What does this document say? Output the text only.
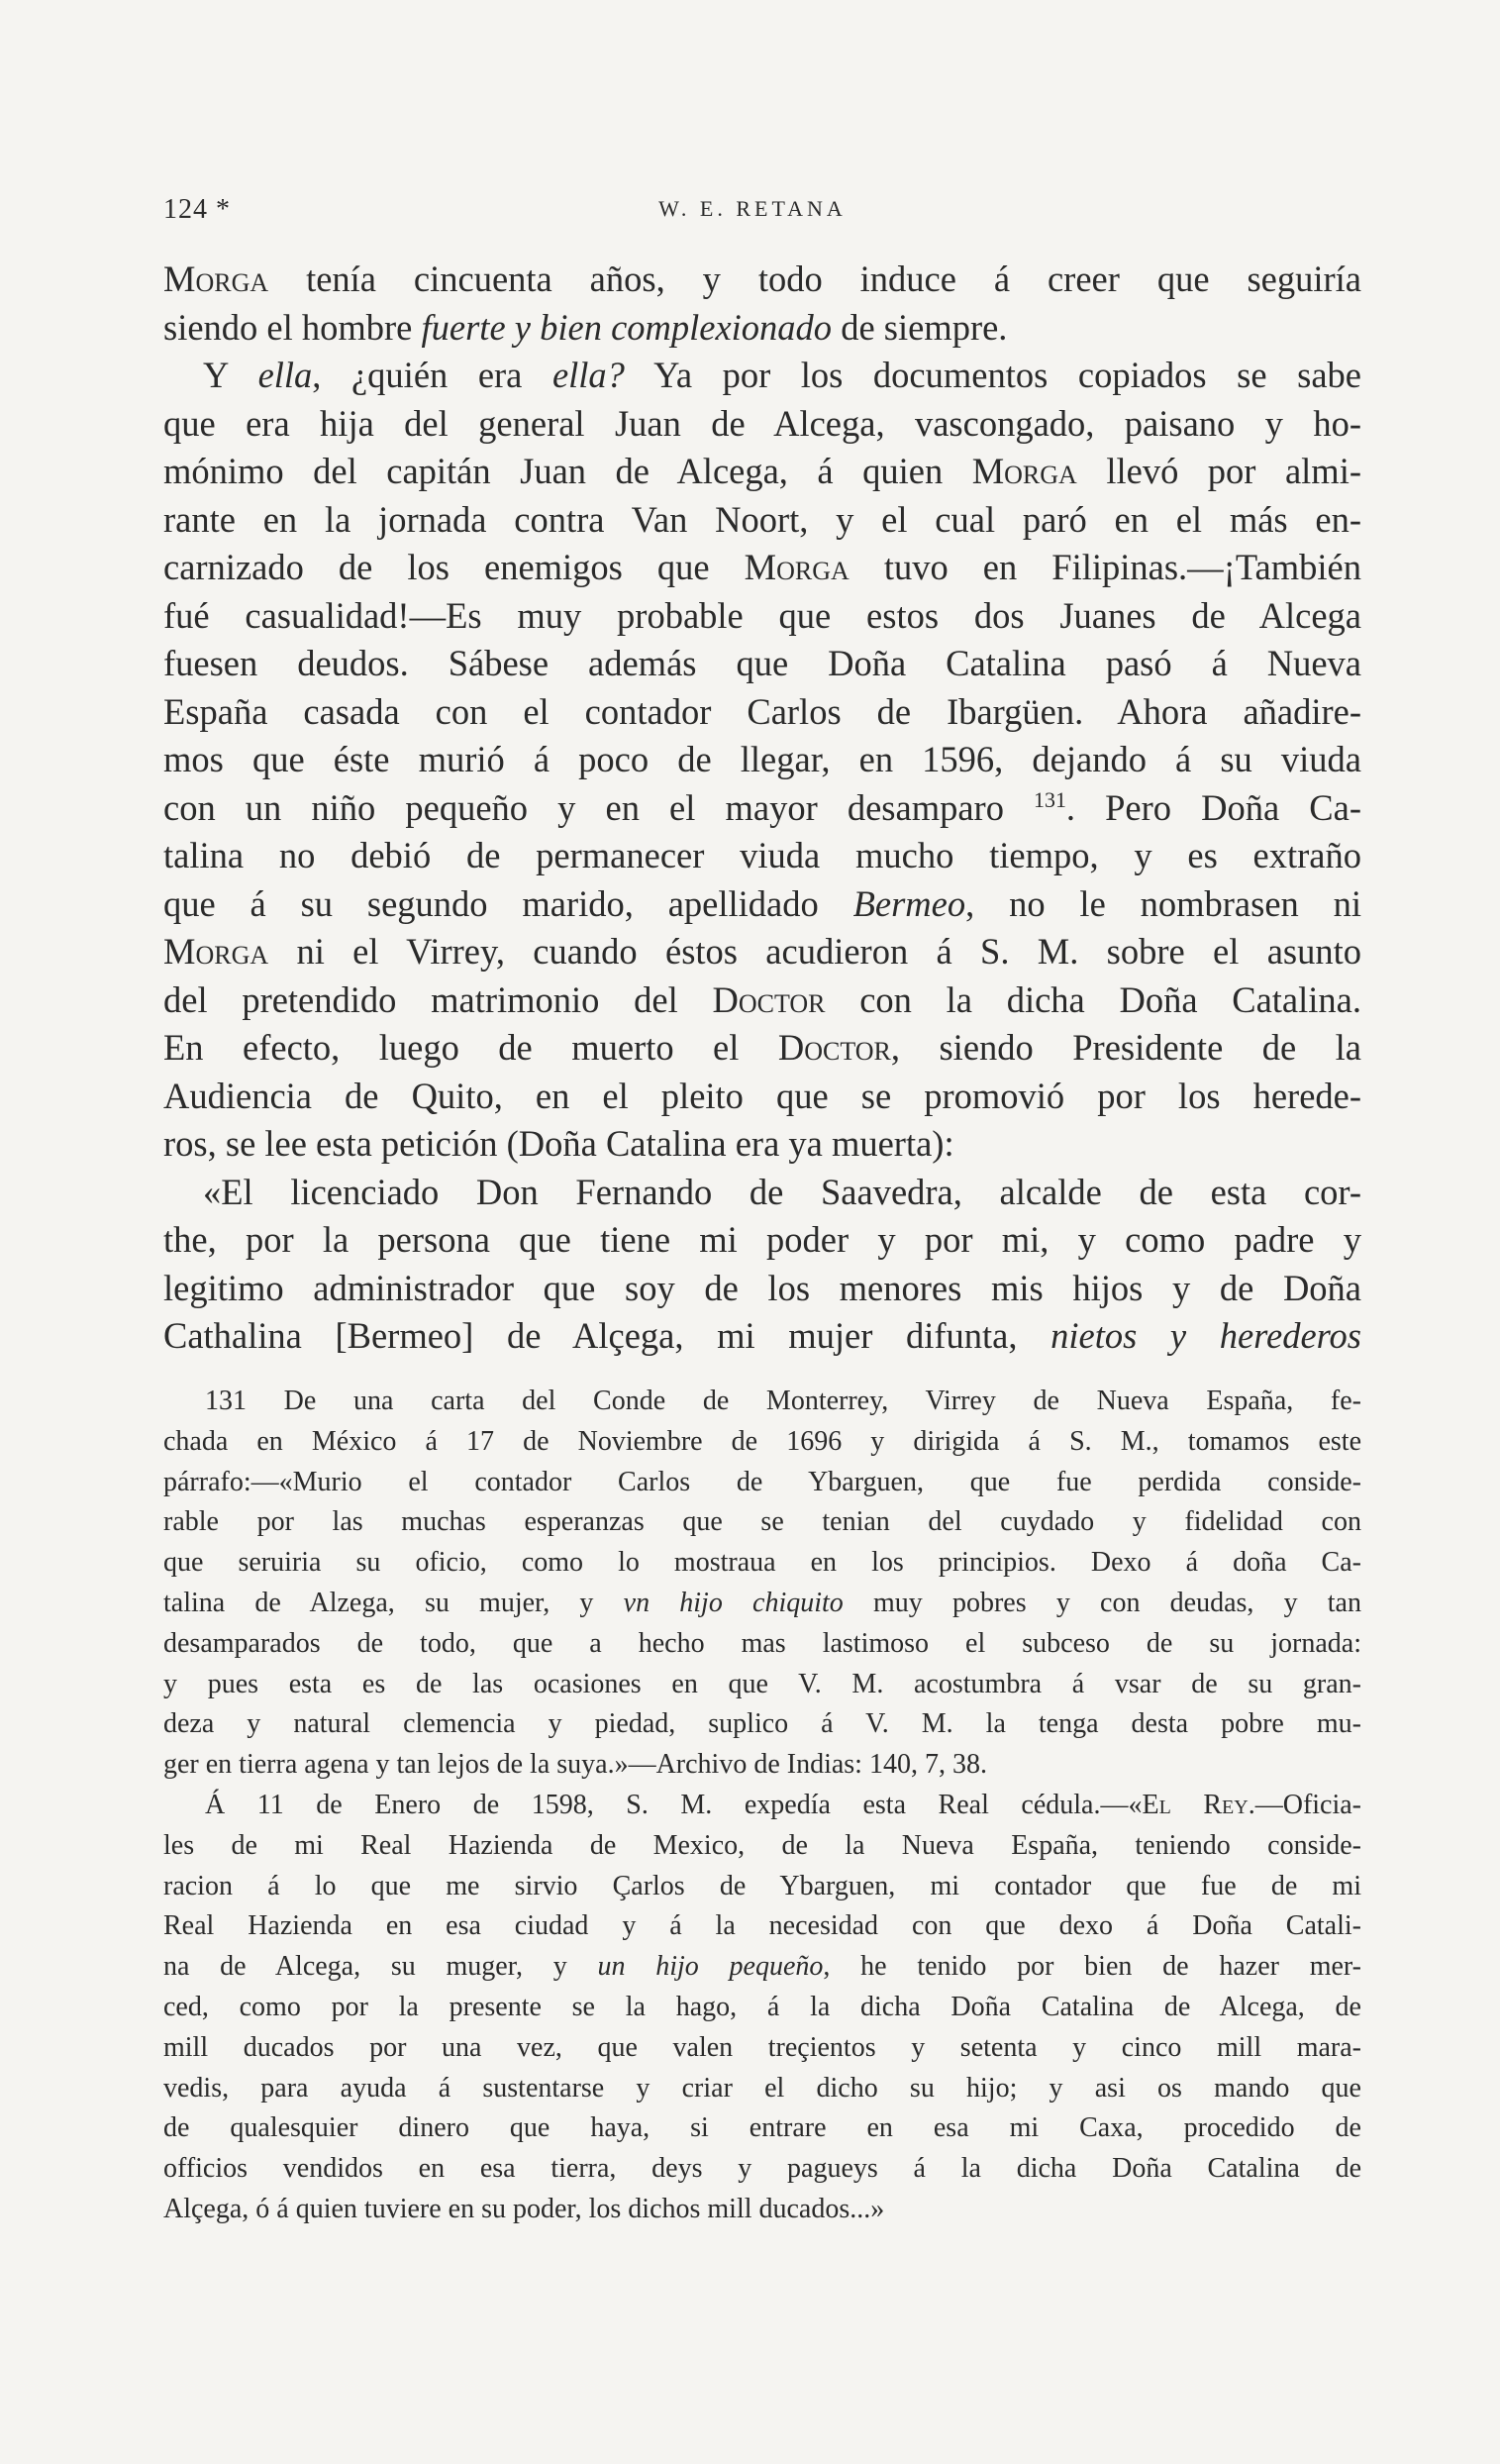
124 *	W. E. RETANA
Morga tenía cincuenta años, y todo induce á creer que seguiría
siendo el hombre fuerte y bien complexionado de siempre.
Y ella, ¿quién era ella? Ya por los documentos copiados se sabe
que era hija del general Juan de Alcega, vascongado, paisano y ho-
mónimo del capitán Juan de Alcega, á quien Morga llevó por almi-
rante en la jornada contra Van Noort, y el cual paró en el más en-
carnizado de los enemigos que Morga tuvo en Filipinas.—¡También
fué casualidad!—Es muy probable que estos dos Juanes de Alcega
fuesen deudos. Sábese además que Doña Catalina pasó á Nueva
España casada con el contador Carlos de Ibargüen. Ahora añadire-
mos que éste murió á poco de llegar, en 1596, dejando á su viuda
con un niño pequeño y en el mayor desamparo $^{131}$. Pero Doña Ca-
talina no debió de permanecer viuda mucho tiempo, y es extraño
que á su segundo marido, apellidado Bermeo, no le nombrasen ni
Morga ni el Virrey, cuando éstos acudieron á S. M. sobre el asunto
del pretendido matrimonio del Doctor con la dicha Doña Catalina.
En efecto, luego de muerto el Doctor, siendo Presidente de la
Audiencia de Quito, en el pleito que se promovió por los herede-
ros, se lee esta petición (Doña Catalina era ya muerta):
«El licenciado Don Fernando de Saavedra, alcalde de esta cor-
the, por la persona que tiene mi poder y por mi, y como padre y
legitimo administrador que soy de los menores mis hijos y de Doña
Cathalina [Bermeo] de Alçega, mi mujer difunta, nietos y herederos
131 De una carta del Conde de Monterrey, Virrey de Nueva España, fe-
chada en México á 17 de Noviembre de 1696 y dirigida á S. M., tomamos este
párrafo:—«Murio el contador Carlos de Ybarguen, que fue perdida conside-
rable por las muchas esperanzas que se tenian del cuydado y fidelidad con
que seruiria su oficio, como lo mostraua en los principios. Dexo á doña Ca-
talina de Alzega, su mujer, y vn hijo chiquito muy pobres y con deudas, y tan
desamparados de todo, que a hecho mas lastimoso el subceso de su jornada:
y pues esta es de las ocasiones en que V. M. acostumbra á vsar de su gran-
deza y natural clemencia y piedad, suplico á V. M. la tenga desta pobre mu-
ger en tierra agena y tan lejos de la suya.»—Archivo de Indias: 140, 7, 38.
Á 11 de Enero de 1598, S. M. expedía esta Real cédula.—«El Rey.—Oficia-
les de mi Real Hazienda de Mexico, de la Nueva España, teniendo conside-
racion á lo que me sirvio Çarlos de Ybarguen, mi contador que fue de mi
Real Hazienda en esa ciudad y á la necesidad con que dexo á Doña Catali-
na de Alcega, su muger, y un hijo pequeño, he tenido por bien de hazer mer-
ced, como por la presente se la hago, á la dicha Doña Catalina de Alcega, de
mill ducados por una vez, que valen treçientos y setenta y cinco mill mara-
vedis, para ayuda á sustentarse y criar el dicho su hijo; y asi os mando que
de qualesquier dinero que haya, si entrare en esa mi Caxa, procedido de
officios vendidos en esa tierra, deys y pagueys á la dicha Doña Catalina de
Alçega, ó á quien tuviere en su poder, los dichos mill ducados...»
